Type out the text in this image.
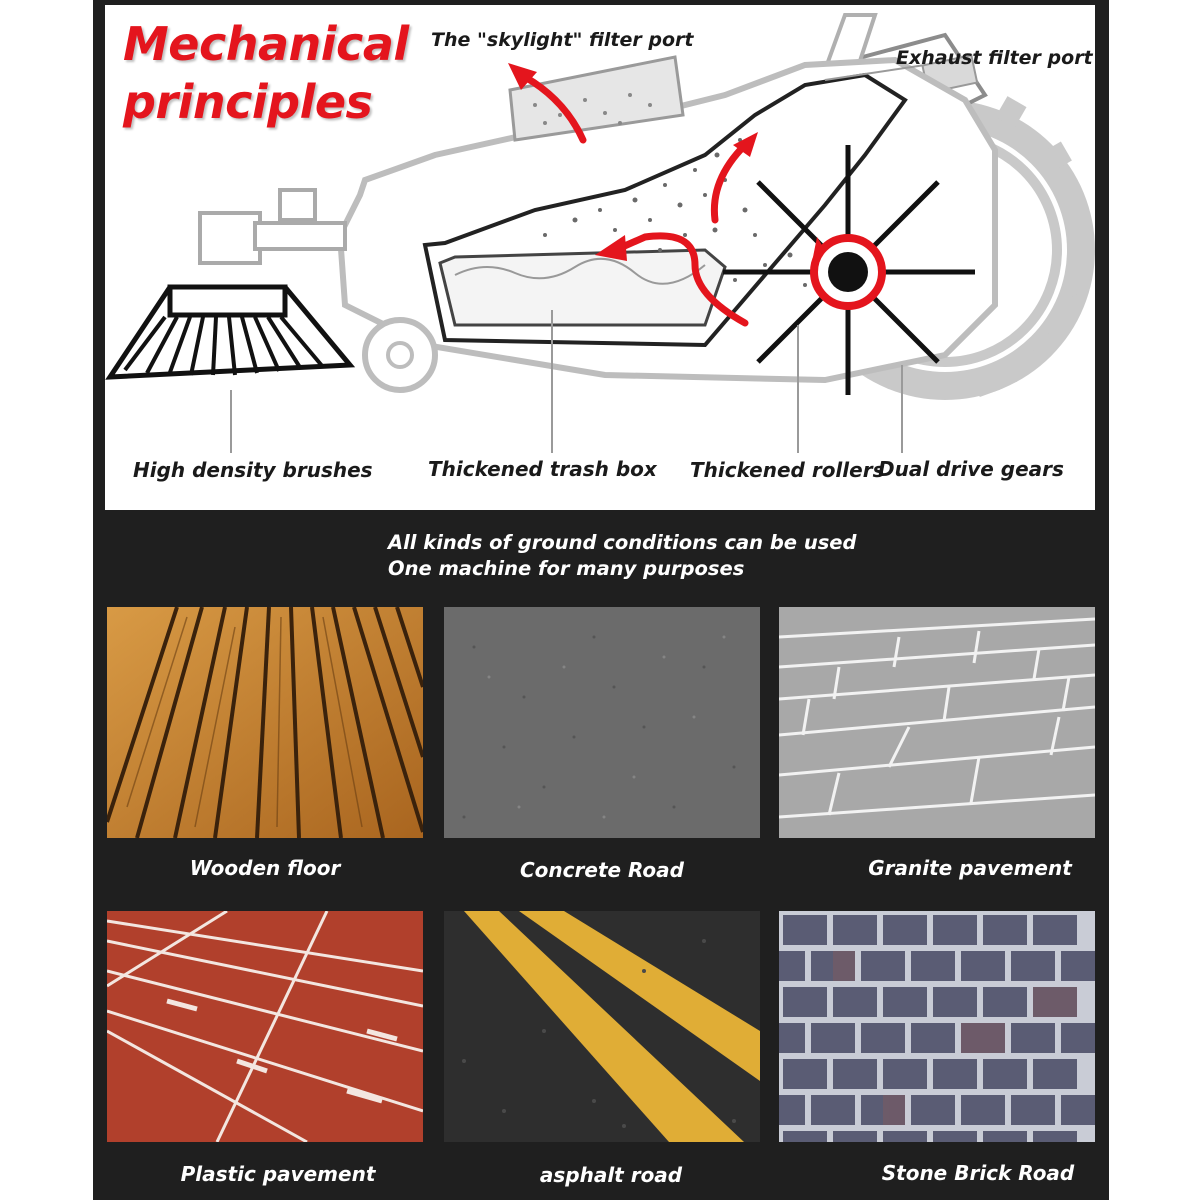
Mechanical
principles
The "skylight" filter port
Exhaust filter port
High density brushes	Thickened trash box Thickened rollers
Dual drive gears
All kinds of ground conditions can be used
One machine for many purposes
Wooden floor	Concrete Road	Granite pavement
Plastic pavement	asphalt road	Stone Brick Road
